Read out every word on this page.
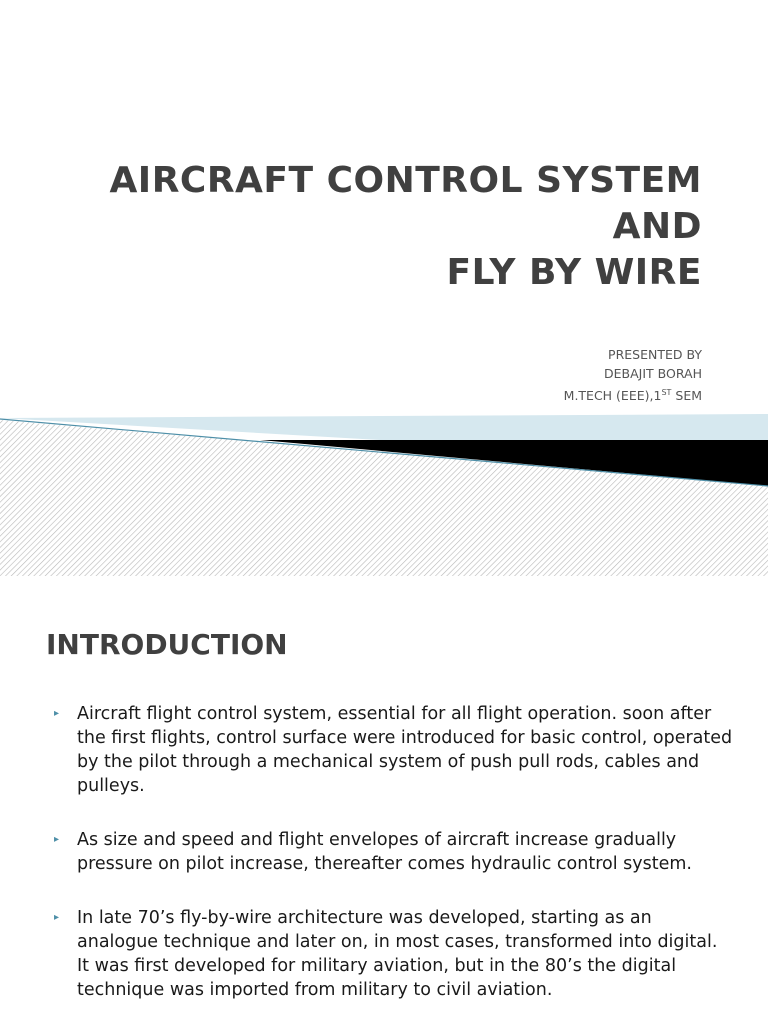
AIRCRAFT CONTROL SYSTEM
AND
FLY BY WIRE
PRESENTED BY
DEBAJIT BORAH
M.TECH (EEE),1ST SEM
INTRODUCTION
▸ Aircraft flight control system, essential for all flight operation. soon after the first flights, control surface were introduced for basic control, operated by the pilot through a mechanical system of push pull rods, cables and pulleys.
▸ As size and speed and flight envelopes of aircraft increase gradually pressure on pilot increase, thereafter comes hydraulic control system.
▸ In late 70’s fly-by-wire architecture was developed, starting as an analogue technique and later on, in most cases, transformed into digital. It was first developed for military aviation, but in the 80’s the digital technique was imported from military to civil aviation.
